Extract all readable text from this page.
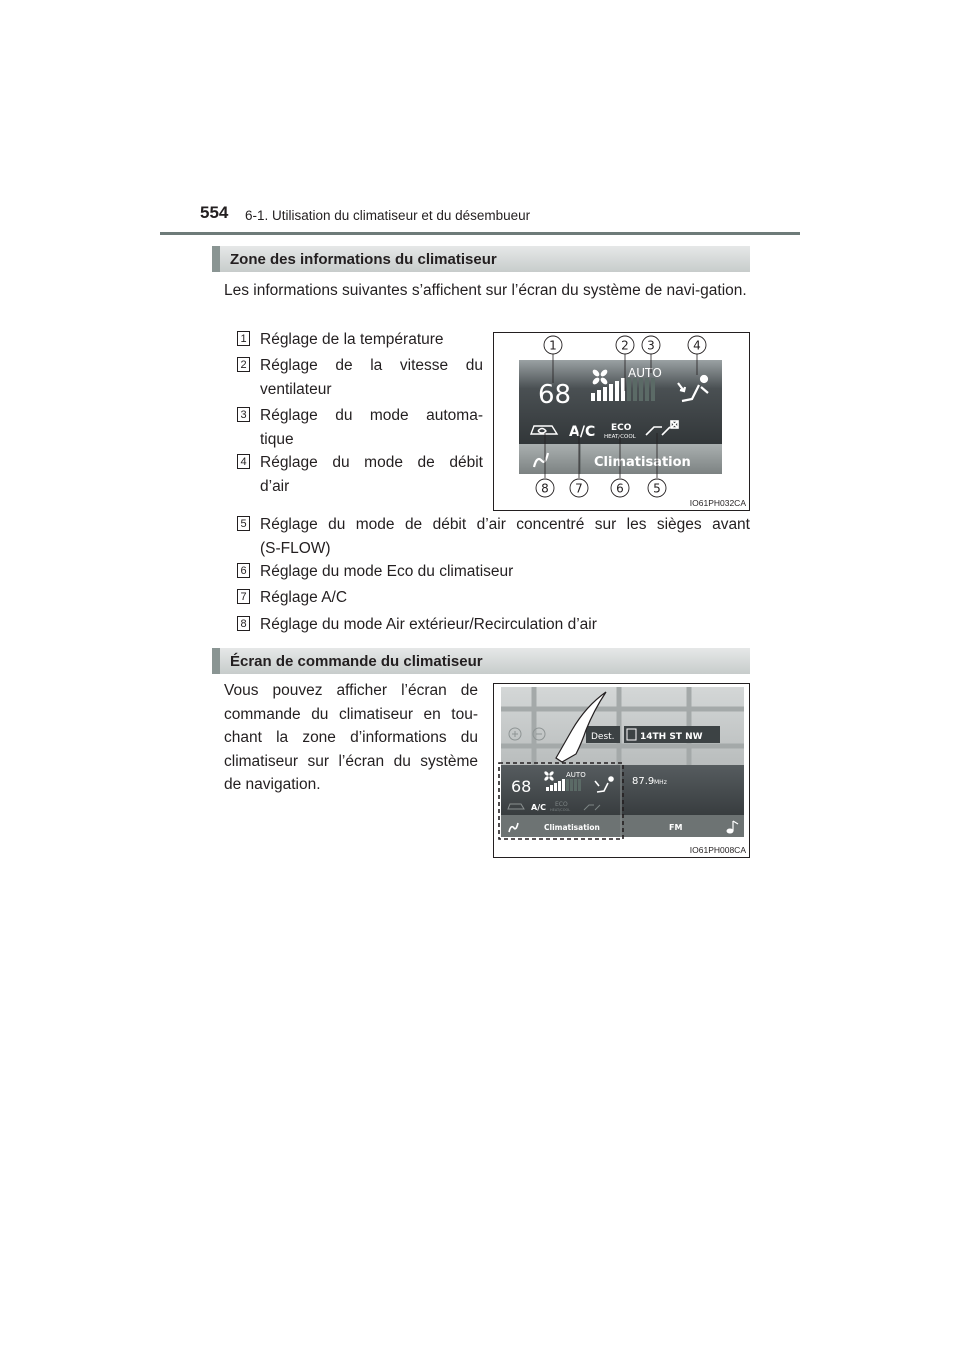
554 6-1. Utilisation du climatiseur et du désembueur
Zone des informations du climatiseur
Les informations suivantes s’affichent sur l’écran du système de navi-gation.
1 Réglage de la température
2 Réglage de la vitesse du
ventilateur
3 Réglage du mode automa-
tique
4 Réglage du mode de débit
d’air
5 Réglage du mode de débit d’air concentré sur les sièges avant
(S-FLOW)
6 Réglage du mode Eco du climatiseur
7 Réglage A/C
8 Réglage du mode Air extérieur/Recirculation d’air
68
AUTO
A/C ECO
HEAT/COOL
Climatisation
1	2 3	4
8 7	6 5
IO61PH032CA
Écran de commande du climatiseur
Vous pouvez afficher l’écran de
commande du climatiseur en tou-
chant la zone d’informations du
climatiseur sur l’écran du système
de navigation.
Dest.	14TH ST NW
68
AUTO
A/C ECO
HEAT/COOL
Climatisation
87.9 MHz
FM
IO61PH008CA
